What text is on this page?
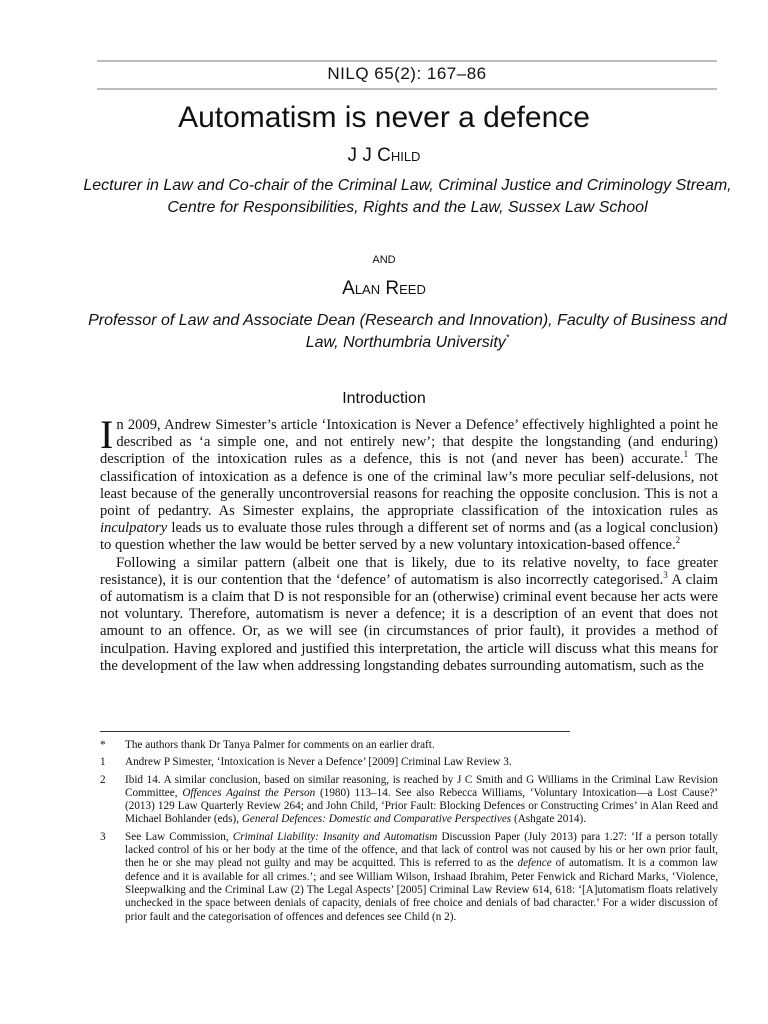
NILQ 65(2): 167–86
Automatism is never a defence
J J Child
Lecturer in Law and Co-chair of the Criminal Law, Criminal Justice and Criminology Stream, Centre for Responsibilities, Rights and the Law, Sussex Law School
and
Alan Reed
Professor of Law and Associate Dean (Research and Innovation), Faculty of Business and Law, Northumbria University*
Introduction

In 2009, Andrew Simester’s article ‘Intoxication is Never a Defence’ effectively highlighted a point he described as ‘a simple one, and not entirely new’; that despite the longstanding (and enduring) description of the intoxication rules as a defence, this is not (and never has been) accurate.$^1$ The classification of intoxication as a defence is one of the criminal law’s more peculiar self-delusions, not least because of the generally uncontroversial reasons for reaching the opposite conclusion. This is not a point of pedantry. As Simester explains, the appropriate classification of the intoxication rules as inculpatory leads us to evaluate those rules through a different set of norms and (as a logical conclusion) to question whether the law would be better served by a new voluntary intoxication-based offence.$^2$

Following a similar pattern (albeit one that is likely, due to its relative novelty, to face greater resistance), it is our contention that the ‘defence’ of automatism is also incorrectly categorised.$^3$ A claim of automatism is a claim that D is not responsible for an (otherwise) criminal event because her acts were not voluntary. Therefore, automatism is never a defence; it is a description of an event that does not amount to an offence. Or, as we will see (in circumstances of prior fault), it provides a method of inculpation. Having explored and justified this interpretation, the article will discuss what this means for the development of the law when addressing longstanding debates surrounding automatism, such as the

*	The authors thank Dr Tanya Palmer for comments on an earlier draft.
1	Andrew P Simester, ‘Intoxication is Never a Defence’ [2009] Criminal Law Review 3.
2	Ibid 14. A similar conclusion, based on similar reasoning, is reached by J C Smith and G Williams in the Criminal Law Revision Committee, Offences Against the Person (1980) 113–14. See also Rebecca Williams, ‘Voluntary Intoxication—a Lost Cause?’ (2013) 129 Law Quarterly Review 264; and John Child, ‘Prior Fault: Blocking Defences or Constructing Crimes’ in Alan Reed and Michael Bohlander (eds), General Defences: Domestic and Comparative Perspectives (Ashgate 2014).
3	See Law Commission, Criminal Liability: Insanity and Automatism Discussion Paper (July 2013) para 1.27: ‘If a person totally lacked control of his or her body at the time of the offence, and that lack of control was not caused by his or her own prior fault, then he or she may plead not guilty and may be acquitted. This is referred to as the defence of automatism. It is a common law defence and it is available for all crimes.’; and see William Wilson, Irshaad Ibrahim, Peter Fenwick and Richard Marks, ‘Violence, Sleepwalking and the Criminal Law (2) The Legal Aspects’ [2005] Criminal Law Review 614, 618: ‘[A]utomatism floats relatively unchecked in the space between denials of capacity, denials of free choice and denials of bad character.’ For a wider discussion of prior fault and the categorisation of offences and defences see Child (n 2).
